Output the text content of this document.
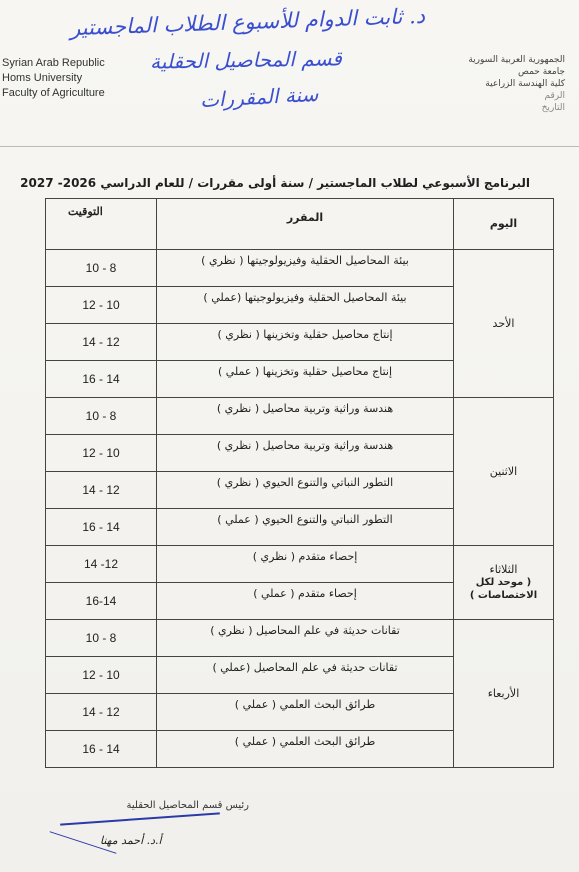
Syrian Arab Republic
Homs University
Faculty of Agriculture
الجمهورية العربية السورية
جامعة حمص
كلية الهندسة الزراعية
الرقم
التاريخ
د. ثابت الدوام للأسبوع الطلاب الماجستير
قسم المحاصيل الحقلية
سنة المقررات
البرنامج الأسبوعي لطلاب الماجستير / سنة أولى مقررات / للعام الدراسي 2026- 2027
التوقيت	المقرر	اليوم
10 - 8	بيئة المحاصيل الحقلية وفيزيولوجيتها ( نظري )	الأحد

12 - 10	بيئة المحاصيل الحقلية وفيزيولوجيتها (عملي )	
14 - 12	إنتاج محاصيل حقلية وتخزينها ( نظري )	
16 - 14	إنتاج محاصيل حقلية وتخزينها ( عملي )	
10 - 8	هندسة وراثية وتربية محاصيل ( نظري )	الاثنين

12 - 10	هندسة وراثية وتربية محاصيل ( نظري )	
14 - 12	التطور النباتي والتنوع الحيوي ( نظري )	
16 - 14	التطور النباتي والتنوع الحيوي ( عملي )	
14 -12	إحصاء متقدم ( نظري )	الثلاثاء
( موحد لكل
الاختصاصات )

16-14	إحصاء متقدم ( عملي )	
10 - 8	تقانات حديثة في علم المحاصيل ( نظري )	الأربعاء

12 - 10	تقانات حديثة في علم المحاصيل (عملي )	
14 - 12	طرائق البحث العلمي ( عملي )	
16 - 14	طرائق البحث العلمي ( عملي )	
رئيس قسم المحاصيل الحقلية
أ.د. أحمد مهنا
